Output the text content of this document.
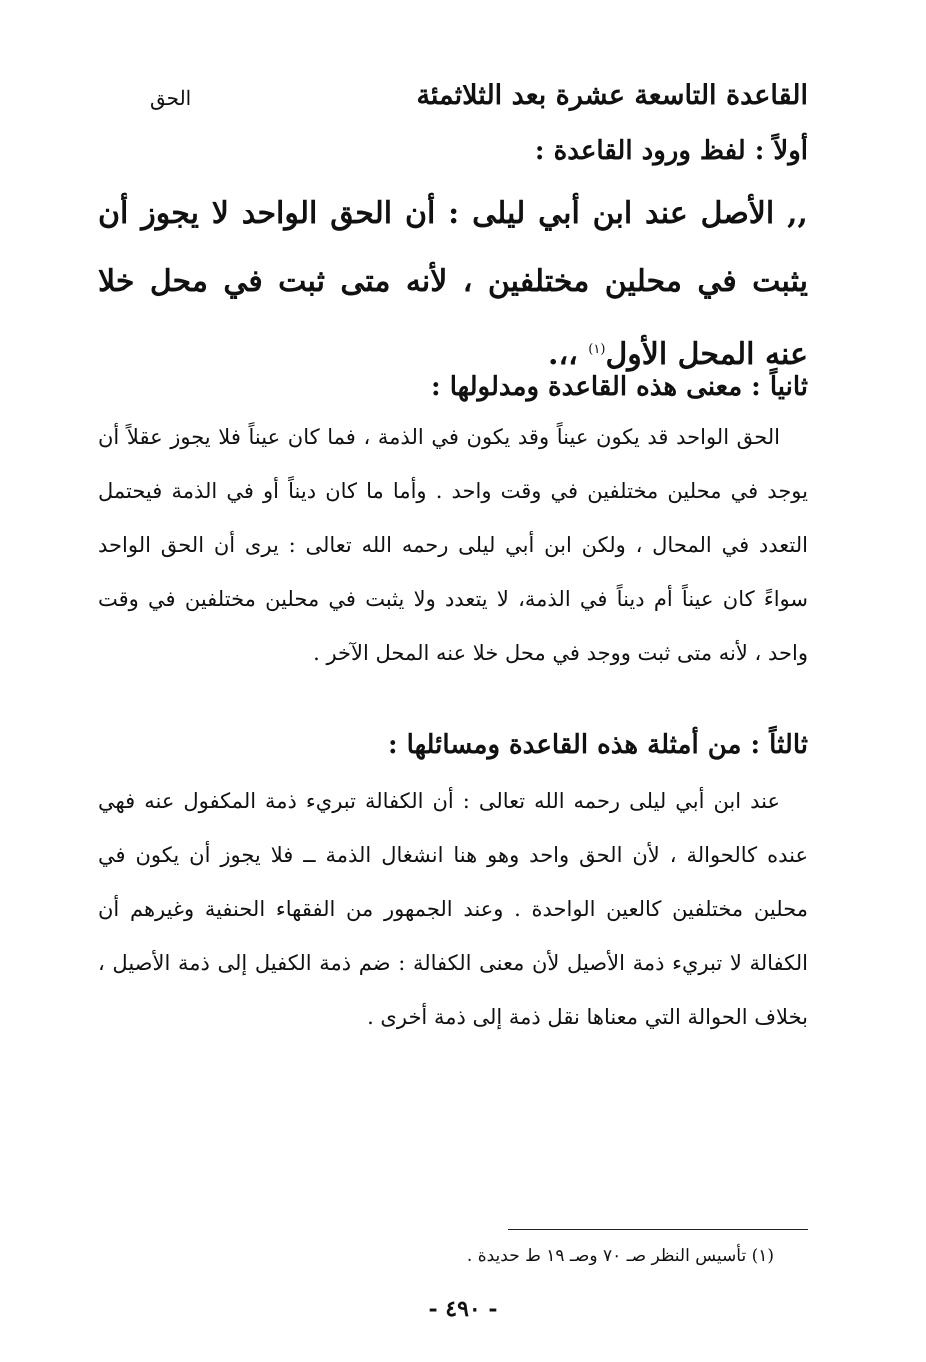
القاعدة التاسعة عشرة بعد الثلاثمئة
الحق
أولاً : لفظ ورود القاعدة :
,, الأصل عند ابن أبي ليلى : أن الحق الواحد لا يجوز أن يثبت في محلين مختلفين ، لأنه متى ثبت في محل خلا عنه المحل الأول$^{(١)}$ ،،.
ثانياً : معنى هذه القاعدة ومدلولها :
الحق الواحد قد يكون عيناً وقد يكون في الذمة ، فما كان عيناً فلا يجوز عقلاً أن يوجد في محلين مختلفين في وقت واحد . وأما ما كان ديناً أو في الذمة فيحتمل التعدد في المحال ، ولكن ابن أبي ليلى رحمه الله تعالى : يرى أن الحق الواحد سواءً كان عيناً أم ديناً في الذمة، لا يتعدد ولا يثبت في محلين مختلفين في وقت واحد ، لأنه متى ثبت ووجد في محل خلا عنه المحل الآخر .
ثالثاً : من أمثلة هذه القاعدة ومسائلها :
عند ابن أبي ليلى رحمه الله تعالى : أن الكفالة تبريء ذمة المكفول عنه فهي عنده كالحوالة ، لأن الحق واحد وهو هنا انشغال الذمة ــ فلا يجوز أن يكون في محلين مختلفين كالعين الواحدة . وعند الجمهور من الفقهاء الحنفية وغيرهم أن الكفالة لا تبريء ذمة الأصيل لأن معنى الكفالة : ضم ذمة الكفيل إلى ذمة الأصيل ، بخلاف الحوالة التي معناها نقل ذمة إلى ذمة أخرى .
(١) تأسيس النظر صـ ٧٠ وصـ ١٩ ط حديدة .
- ٤٩٠ -
